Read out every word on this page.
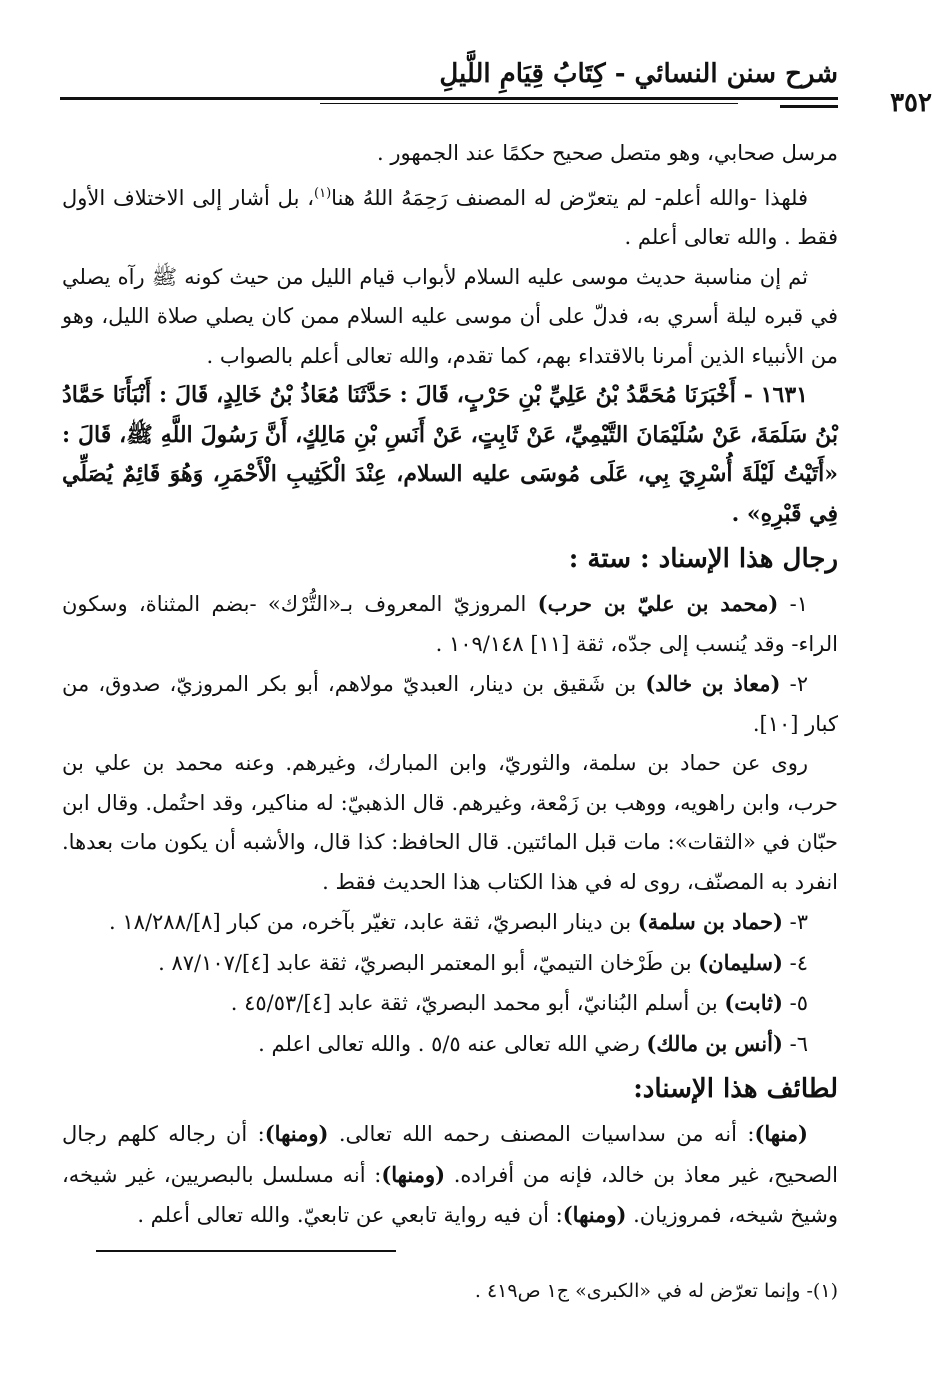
شرح سنن النسائي - كِتَابُ قِيَامِ اللَّيلِ
٣٥٢

مرسل صحابي، وهو متصل صحيح حكمًا عند الجمهور .

فلهذا -والله أعلم- لم يتعرّض له المصنف رَحِمَهُ اللهُ هنا$^{(١)}$، بل أشار إلى الاختلاف الأول فقط . والله تعالى أعلم .

ثم إن مناسبة حديث موسى عليه السلام لأبواب قيام الليل من حيث كونه ﷺ رآه يصلي في قبره ليلة أسري به، فدلّ على أن موسى عليه السلام ممن كان يصلي صلاة الليل، وهو من الأنبياء الذين أمرنا بالاقتداء بهم، كما تقدم، والله تعالى أعلم بالصواب .

١٦٣١ - أَخْبَرَنَا مُحَمَّدُ بْنُ عَلِيِّ بْنِ حَرْبٍ، قَالَ : حَدَّثَنَا مُعَاذُ بْنُ خَالِدٍ، قَالَ : أَنْبَأَنَا حَمَّادُ بْنُ سَلَمَةَ، عَنْ سُلَيْمَانَ التَّيْمِيِّ، عَنْ ثَابِتٍ، عَنْ أَنَسِ بْنِ مَالِكٍ، أَنَّ رَسُولَ اللَّهِ ﷺ، قَالَ : «أَتَيْتُ لَيْلَةَ أُسْرِيَ بِي، عَلَى مُوسَى عليه السلام، عِنْدَ الْكَثِيبِ الْأَحْمَرِ، وَهُوَ قَائِمٌ يُصَلِّي فِي قَبْرِهِ» .

رجال هذا الإسناد : ستة :

١- (محمد بن عليّ بن حرب) المروزيّ المعروف بـ«التُّرْك» -بضم المثناة، وسكون الراء- وقد يُنسب إلى جدّه، ثقة [١١] ١٠٩/١٤٨ .

٢- (معاذ بن خالد) بن شَقيق بن دينار، العبديّ مولاهم، أبو بكر المروزيّ، صدوق، من كبار [١٠].

روى عن حماد بن سلمة، والثوريّ، وابن المبارك، وغيرهم. وعنه محمد بن علي بن حرب، وابن راهويه، ووهب بن زَمْعة، وغيرهم. قال الذهبيّ: له مناكير، وقد احتُمل. وقال ابن حبّان في «الثقات»: مات قبل المائتين. قال الحافظ: كذا قال، والأشبه أن يكون مات بعدها. انفرد به المصنّف، روى له في هذا الكتاب هذا الحديث فقط .

٣- (حماد بن سلمة) بن دينار البصريّ، ثقة عابد، تغيّر بآخره، من كبار [٨]/١٨/٢٨٨ .

٤- (سليمان) بن طَرْخان التيميّ، أبو المعتمر البصريّ، ثقة عابد [٤]/٨٧/١٠٧ .

٥- (ثابت) بن أسلم البُنانيّ، أبو محمد البصريّ، ثقة عابد [٤]/٤٥/٥٣ .

٦- (أنس بن مالك) رضي الله تعالى عنه ٥/٥ . والله تعالى اعلم .

لطائف هذا الإسناد:

(منها): أنه من سداسيات المصنف رحمه الله تعالى. (ومنها): أن رجاله كلهم رجال الصحيح، غير معاذ بن خالد، فإنه من أفراده. (ومنها): أنه مسلسل بالبصريين، غير شيخه، وشيخ شيخه، فمروزيان. (ومنها): أن فيه رواية تابعي عن تابعيّ. والله تعالى أعلم .

(١)- وإنما تعرّض له في «الكبرى» ج١ ص٤١٩ .
